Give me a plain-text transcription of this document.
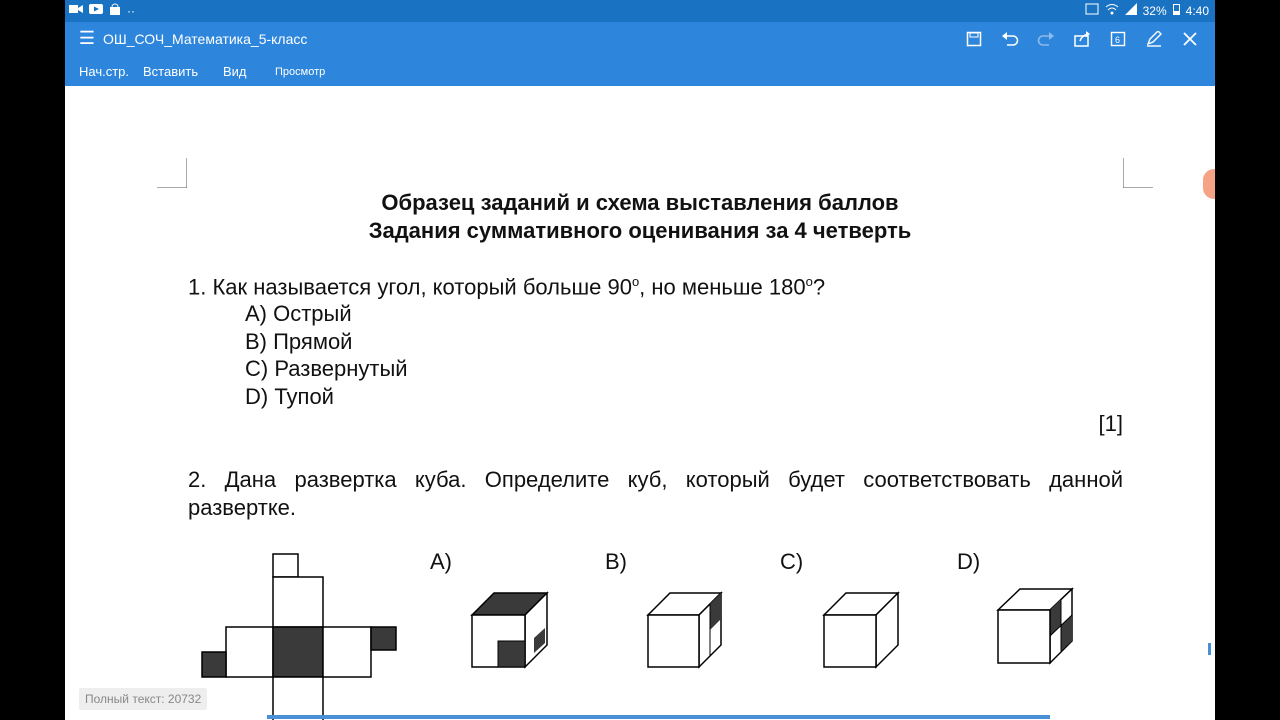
··	32% 4:40
☰ ОШ_СОЧ_Математика_5-класс	6
Нач.стр. Вставить Вид	Просмотр
Образец заданий и схема выставления баллов
Задания суммативного оценивания за 4 четверть
1. Как называется угол, который больше $90^о$, но меньше $180^о$?
А) Острый
В) Прямой
С) Развернутый
D) Тупой
[1]
2. Дана развертка куба. Определите куб, который будет соответствовать данной
развертке.
А)	В)	С)	D)
Полный текст: 20732
